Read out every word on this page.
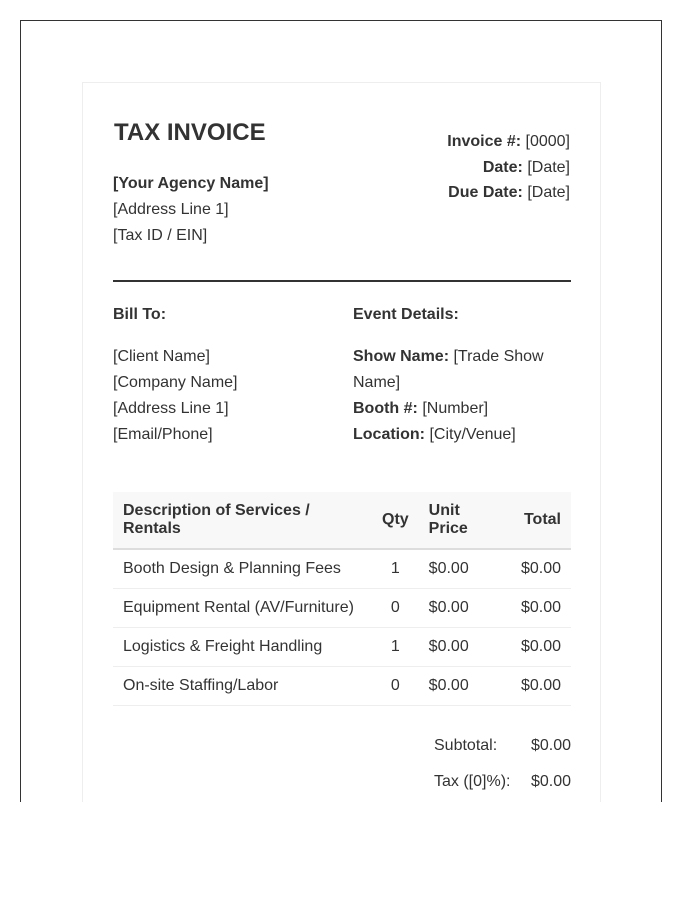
TAX INVOICE
[Your Agency Name]
[Address Line 1]
[Tax ID / EIN]
Invoice #: [0000]
Date: [Date]
Due Date: [Date]
Bill To:	Event Details:
[Client Name]
[Company Name]
[Address Line 1]
[Email/Phone]
Show Name: [Trade Show Name]
Booth #: [Number]
Location: [City/Venue]
Description of Services / Rentals	Qty	Unit Price	Total
Booth Design & Planning Fees	1	$0.00	$0.00
Equipment Rental (AV/Furniture)	0	$0.00	$0.00
Logistics & Freight Handling	1	$0.00	$0.00
On-site Staffing/Labor	0	$0.00	$0.00
Subtotal: $0.00
Tax ([0]%): $0.00
